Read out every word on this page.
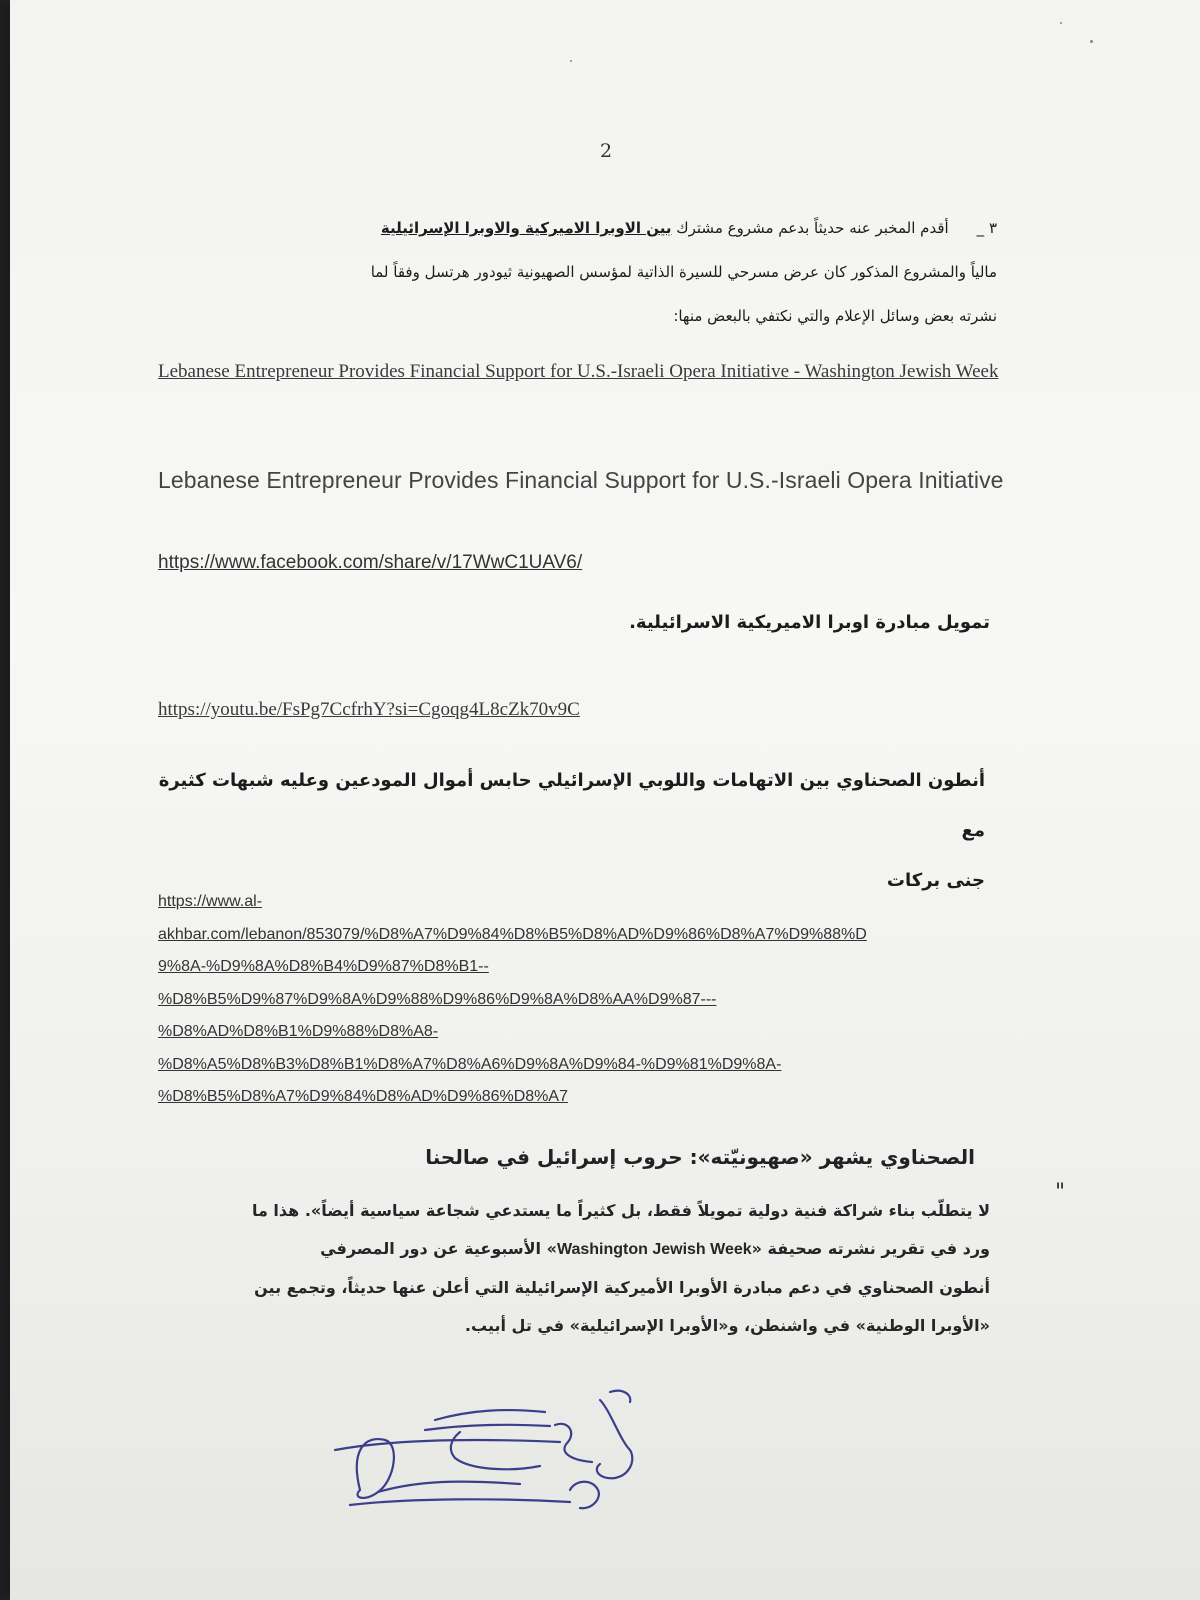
2
٣ _أقدم المخبر عنه حديثاً بدعم مشروع مشترك بين الاوبرا الاميركية والاوبرا الإسرائيلية
مالياً والمشروع المذكور كان عرض مسرحي للسيرة الذاتية لمؤسس الصهيونية ثيودور هرتسل وفقاً لما
نشرته بعض وسائل الإعلام والتي نكتفي بالبعض منها:
Lebanese Entrepreneur Provides Financial Support for U.S.-Israeli Opera Initiative - Washington Jewish Week
Lebanese Entrepreneur Provides Financial Support for U.S.-Israeli Opera Initiative
https://www.facebook.com/share/v/17WwC1UAV6/
تمويل مبادرة اوبرا الاميريكية الاسرائيلية.
https://youtu.be/FsPg7CcfrhY?si=Cgoqg4L8cZk70v9C
أنطون الصحناوي بين الاتهامات واللوبي الإسرائيلي حابس أموال المودعين وعليه شبهات كثيرة مع
جنى بركات
https://www.al-
akhbar.com/lebanon/853079/%D8%A7%D9%84%D8%B5%D8%AD%D9%86%D8%A7%D9%88%D
9%8A-%D9%8A%D8%B4%D9%87%D8%B1--
%D8%B5%D9%87%D9%8A%D9%88%D9%86%D9%8A%D8%AA%D9%87---
%D8%AD%D8%B1%D9%88%D8%A8-
%D8%A5%D8%B3%D8%B1%D8%A7%D8%A6%D9%8A%D9%84-%D9%81%D9%8A-
%D8%B5%D8%A7%D9%84%D8%AD%D9%86%D8%A7
الصحناوي يشهر «صهيونيّته»: حروب إسرائيل في صالحنا
"
لا يتطلّب بناء شراكة فنية دولية تمويلاً فقط، بل كثيراً ما يستدعي شجاعة سياسية أيضاً». هذا ما
ورد في تقرير نشرته صحيفة «Washington Jewish Week» الأسبوعية عن دور المصرفي
أنطون الصحناوي في دعم مبادرة الأوبرا الأميركية الإسرائيلية التي أعلن عنها حديثاً، وتجمع بين
«الأوبرا الوطنية» في واشنطن، و«الأوبرا الإسرائيلية» في تل أبيب.
